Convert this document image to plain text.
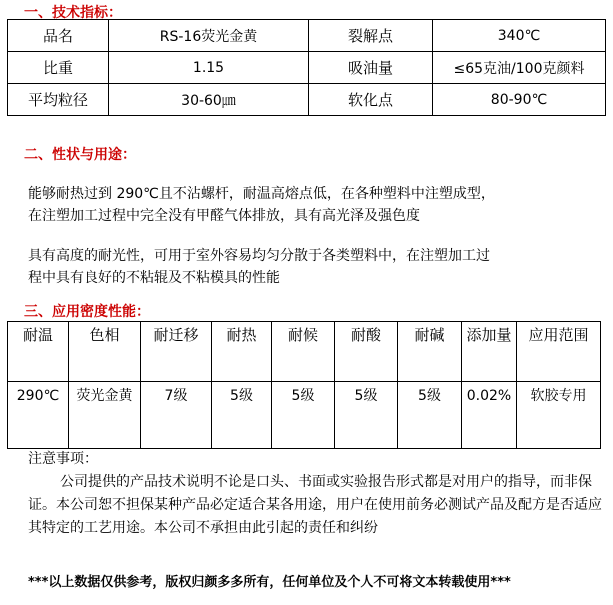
一、技术指标：
品名	RS-16荧光金黄	裂解点	340℃
比重	1.15	吸油量	≤65克油/100克颜料
平均粒径	30-60㎛	软化点	80-90℃
二、性状与用途：

能够耐热过到 290℃且不沾螺杆，耐温高熔点低，在各种塑料中注塑成型，
在注塑加工过程中完全没有甲醛气体排放，具有高光泽及强色度

具有高度的耐光性，可用于室外容易均匀分散于各类塑料中，在注塑加工过
程中具有良好的不粘辊及不粘模具的性能

三、应用密度性能：
耐温	色相	耐迁移	耐热	耐候	耐酸	耐碱	添加量	应用范围
290℃	荧光金黄	7级	5级	5级	5级	5级	0.02%	软胶专用
注意事项：
公司提供的产品技术说明不论是口头、书面或实验报告形式都是对用户的指导，而非保证。本公司恕不担保某种产品必定适合某各用途，用户在使用前务必测试产品及配方是否适应其特定的工艺用途。本公司不承担由此引起的责任和纠纷
***以上数据仅供参考，版权归颜多多所有，任何单位及个人不可将文本转载使用***
